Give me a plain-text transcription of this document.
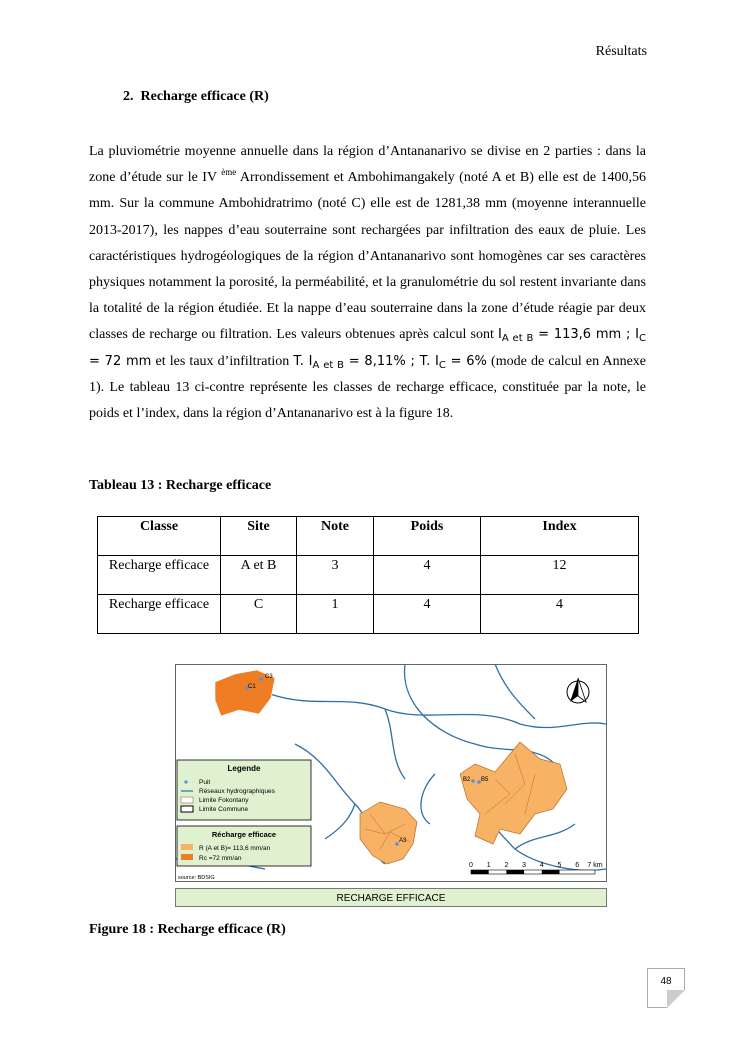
Résultats
2. Recharge efficace (R)
La pluviométrie moyenne annuelle dans la région d’Antananarivo se divise en 2 parties : dans la zone d’étude sur le IV $^{ème}$ Arrondissement et Ambohimangakely (noté A et B) elle est de 1400,56 mm. Sur la commune Ambohidratrimo (noté C) elle est de 1281,38 mm (moyenne interannuelle 2013-2017), les nappes d’eau souterraine sont rechargées par infiltration des eaux de pluie. Les caractéristiques hydrogéologiques de la région d’Antananarivo sont homogènes car ses caractères physiques notamment la porosité, la perméabilité, et la granulométrie du sol restent invariante dans la totalité de la région étudiée. Et la nappe d’eau souterraine dans la zone d’étude réagie par deux classes de recharge ou filtration. Les valeurs obtenues après calcul sont $I_{A et B} = 113,6$ mm ; $I_C = 72$ mm et les taux d’infiltration T. $I_{A et B} = 8,11\%$ ; T. $I_C = 6\%$ (mode de calcul en Annexe 1). Le tableau 13 ci-contre représente les classes de recharge efficace, constituée par la note, le poids et l’index, dans la région d’Antananarivo est à la figure 18.
Tableau 13 : Recharge efficace
Classe	Site	Note	Poids	Index
Recharge efficace	A et B	3	4	12
Recharge efficace	C	1	4	4
C1
C3
B2 B5
A3
Legende
Puit
Réseaux hydrographiques
Limite Fokontany
Limite Commune
Récharge efficace
R (A et B)= 113,6 mm/an
Rc =72 mm/an
source: BDSIG
0 1 2 3 4 5 6 7 km
RECHARGE EFFICACE
Figure 18 : Recharge efficace (R)
48
